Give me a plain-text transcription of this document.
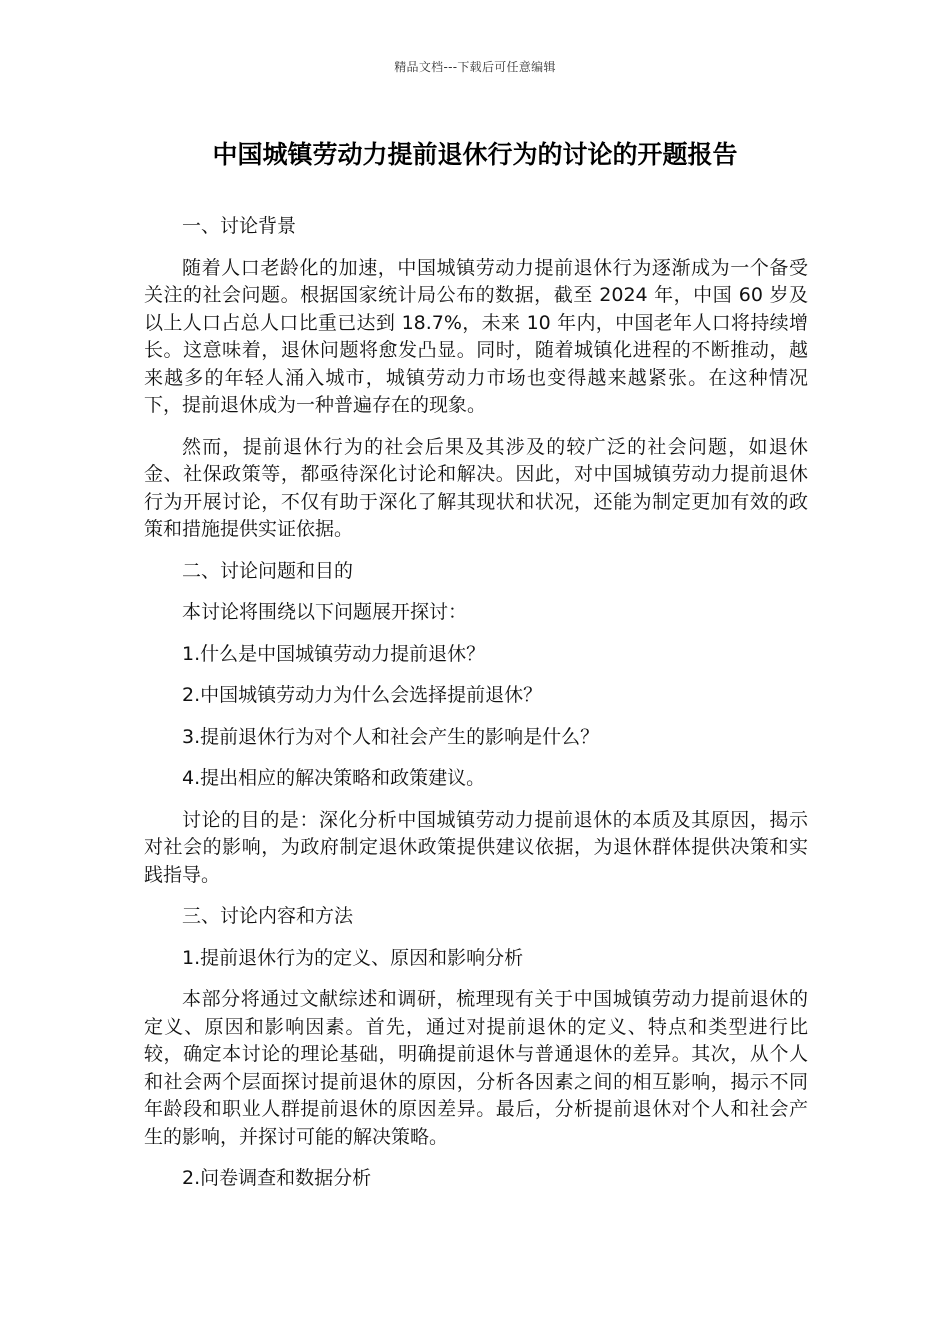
精品文档---下载后可任意编辑
中国城镇劳动力提前退休行为的讨论的开题报告

一、讨论背景

随着人口老龄化的加速，中国城镇劳动力提前退休行为逐渐成为一个备受关注的社会问题。根据国家统计局公布的数据，截至 2024 年，中国 60 岁及以上人口占总人口比重已达到 18.7%，未来 10 年内，中国老年人口将持续增长。这意味着，退休问题将愈发凸显。同时，随着城镇化进程的不断推动，越来越多的年轻人涌入城市，城镇劳动力市场也变得越来越紧张。在这种情况下，提前退休成为一种普遍存在的现象。

然而，提前退休行为的社会后果及其涉及的较广泛的社会问题，如退休金、社保政策等，都亟待深化讨论和解决。因此，对中国城镇劳动力提前退休行为开展讨论，不仅有助于深化了解其现状和状况，还能为制定更加有效的政策和措施提供实证依据。

二、讨论问题和目的

本讨论将围绕以下问题展开探讨：

1.什么是中国城镇劳动力提前退休？

2.中国城镇劳动力为什么会选择提前退休？

3.提前退休行为对个人和社会产生的影响是什么？

4.提出相应的解决策略和政策建议。

讨论的目的是：深化分析中国城镇劳动力提前退休的本质及其原因，揭示对社会的影响，为政府制定退休政策提供建议依据，为退休群体提供决策和实践指导。

三、讨论内容和方法

1.提前退休行为的定义、原因和影响分析

本部分将通过文献综述和调研，梳理现有关于中国城镇劳动力提前退休的定义、原因和影响因素。首先，通过对提前退休的定义、特点和类型进行比较，确定本讨论的理论基础，明确提前退休与普通退休的差异。其次，从个人和社会两个层面探讨提前退休的原因，分析各因素之间的相互影响，揭示不同年龄段和职业人群提前退休的原因差异。最后，分析提前退休对个人和社会产生的影响，并探讨可能的解决策略。

2.问卷调查和数据分析
